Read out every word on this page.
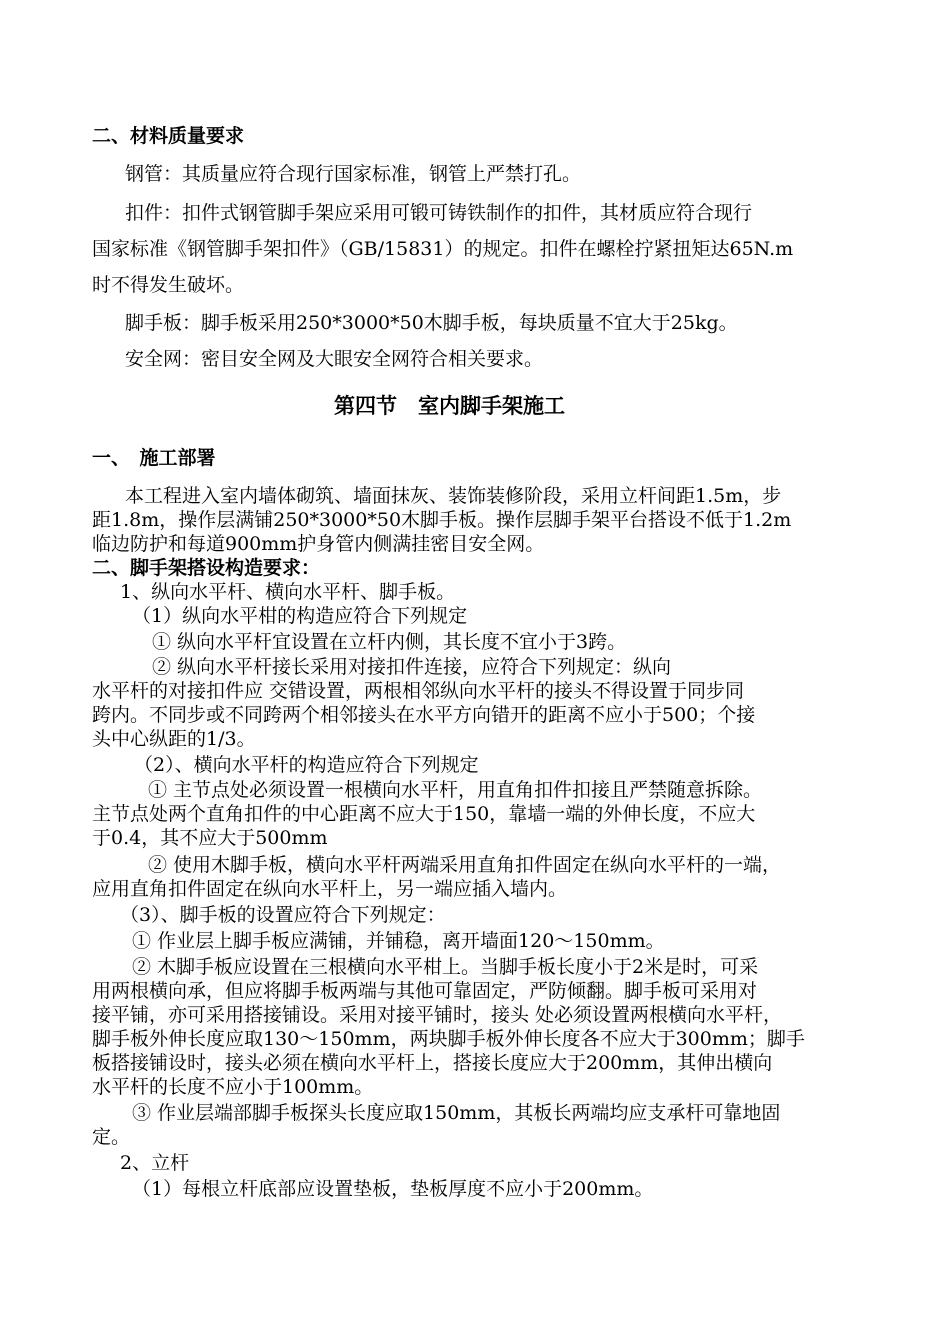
二、材料质量要求
钢管：其质量应符合现行国家标准，钢管上严禁打孔。
扣件：扣件式钢管脚手架应采用可锻可铸铁制作的扣件，其材质应符合现行
国家标准《钢管脚手架扣件》（GB/15831）的规定。扣件在螺栓拧紧扭矩达65N.m
时不得发生破坏。
脚手板：脚手板采用250*3000*50木脚手板，每块质量不宜大于25kg。
安全网：密目安全网及大眼安全网符合相关要求。
第四节　室内脚手架施工
一、　施工部署
本工程进入室内墙体砌筑、墙面抹灰、装饰装修阶段，采用立杆间距1.5m，步
距1.8m，操作层满铺250*3000*50木脚手板。操作层脚手架平台搭设不低于1.2m
临边防护和每道900mm护身管内侧满挂密目安全网。
二、脚手架搭设构造要求：
1、纵向水平杆、横向水平杆、脚手板。
（1）纵向水平柑的构造应符合下列规定
① 纵向水平杆宜设置在立杆内侧，其长度不宜小于3跨。
② 纵向水平杆接长采用对接扣件连接，应符合下列规定：纵向
水平杆的对接扣件应 交错设置，两根相邻纵向水平杆的接头不得设置于同步同
跨内。不同步或不同跨两个相邻接头在水平方向错开的距离不应小于500；个接
头中心纵距的1/3。
（2）、横向水平杆的构造应符合下列规定
① 主节点处必须设置一根横向水平杆，用直角扣件扣接且严禁随意拆除。
主节点处两个直角扣件的中心距离不应大于150，靠墙一端的外伸长度，不应大
于0.4，其不应大于500mm
② 使用木脚手板，横向水平杆两端采用直角扣件固定在纵向水平杆的一端，
应用直角扣件固定在纵向水平杆上，另一端应插入墙内。
（3）、脚手板的设置应符合下列规定：
① 作业层上脚手板应满铺，并铺稳，离开墙面120～150mm。
② 木脚手板应设置在三根横向水平柑上。当脚手板长度小于2米是时，可采
用两根横向承，但应将脚手板两端与其他可靠固定，严防倾翻。脚手板可采用对
接平铺，亦可采用搭接铺设。采用对接平铺时，接头 处必须设置两根横向水平杆，
脚手板外伸长度应取130～150mm，两块脚手板外伸长度各不应大于300mm；脚手
板搭接铺设时，接头必须在横向水平杆上，搭接长度应大于200mm，其伸出横向
水平杆的长度不应小于100mm。
③ 作业层端部脚手板探头长度应取150mm，其板长两端均应支承杆可靠地固
定。
2、立杆
（1）每根立杆底部应设置垫板，垫板厚度不应小于200mm。
